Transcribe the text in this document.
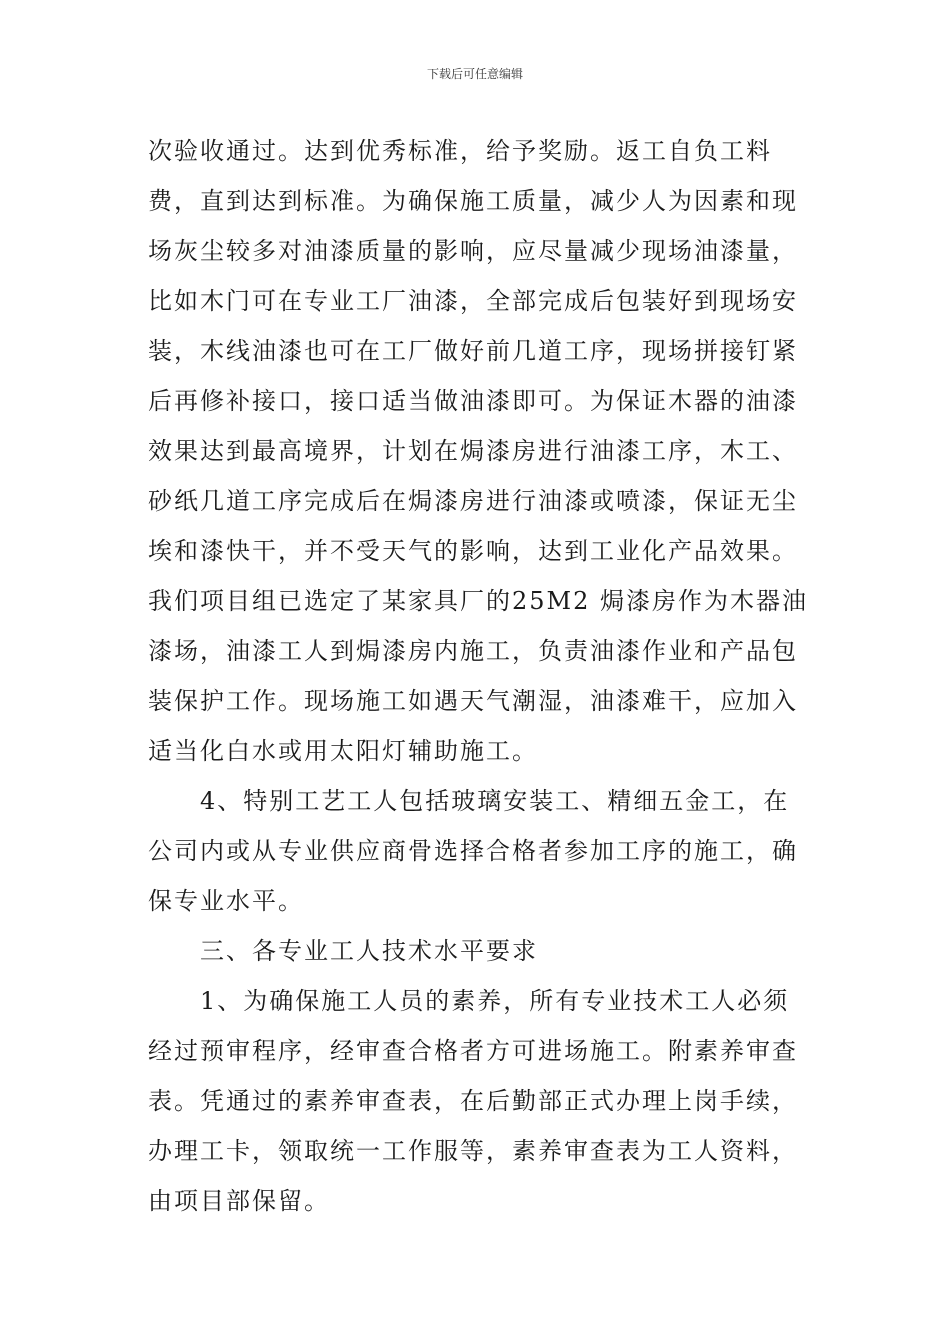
下载后可任意编辑

次验收通过。达到优秀标准，给予奖励。返工自负工料费，直到达到标准。为确保施工质量，减少人为因素和现场灰尘较多对油漆质量的影响，应尽量减少现场油漆量，比如木门可在专业工厂油漆，全部完成后包装好到现场安装，木线油漆也可在工厂做好前几道工序，现场拼接钉紧后再修补接口，接口适当做油漆即可。为保证木器的油漆效果达到最高境界，计划在焗漆房进行油漆工序，木工、砂纸几道工序完成后在焗漆房进行油漆或喷漆，保证无尘埃和漆快干，并不受天气的影响，达到工业化产品效果。我们项目组已选定了某家具厂的25M2 焗漆房作为木器油漆场，油漆工人到焗漆房内施工，负责油漆作业和产品包装保护工作。现场施工如遇天气潮湿，油漆难干，应加入适当化白水或用太阳灯辅助施工。

4、特别工艺工人包括玻璃安装工、精细五金工，在公司内或从专业供应商骨选择合格者参加工序的施工，确保专业水平。

三、各专业工人技术水平要求

1、为确保施工人员的素养，所有专业技术工人必须经过预审程序，经审查合格者方可进场施工。附素养审查表。凭通过的素养审查表，在后勤部正式办理上岗手续，办理工卡，领取统一工作服等，素养审查表为工人资料，由项目部保留。
